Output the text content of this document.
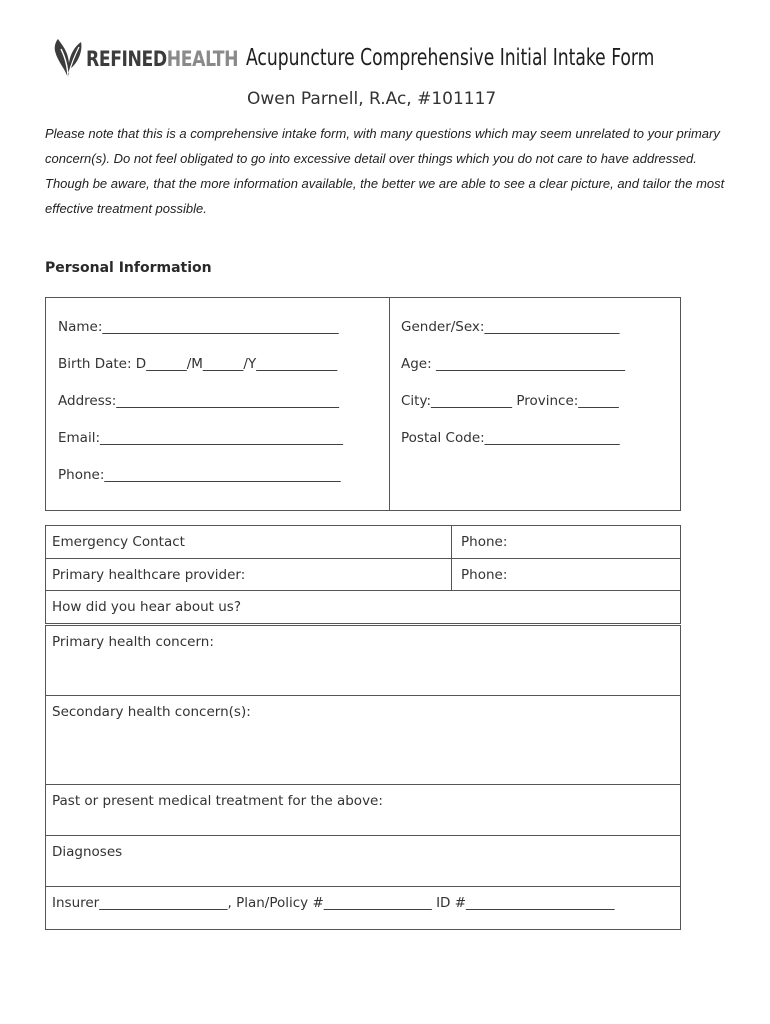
REFINEDHEALTH Acupuncture Comprehensive Initial Intake Form
Owen Parnell, R.Ac, #101117

Please note that this is a comprehensive intake form, with many questions which may seem unrelated to your primary concern(s). Do not feel obligated to go into excessive detail over things which you do not care to have addressed. Though be aware, that the more information available, the better we are able to see a clear picture, and tailor the most effective treatment possible.

Personal Information
Name:___________________________________
Birth Date: D______/M______/Y____________
Address:_________________________________
Email:____________________________________
Phone:___________________________________
Gender/Sex:____________________
Age: ____________________________
City:____________ Province:______
Postal Code:____________________
Emergency Contact	Phone:
Primary healthcare provider:	Phone:
How did you hear about us?
Primary health concern:
Secondary health concern(s):
Past or present medical treatment for the above:
Diagnoses
Insurer___________________, Plan/Policy #________________ ID #______________________
